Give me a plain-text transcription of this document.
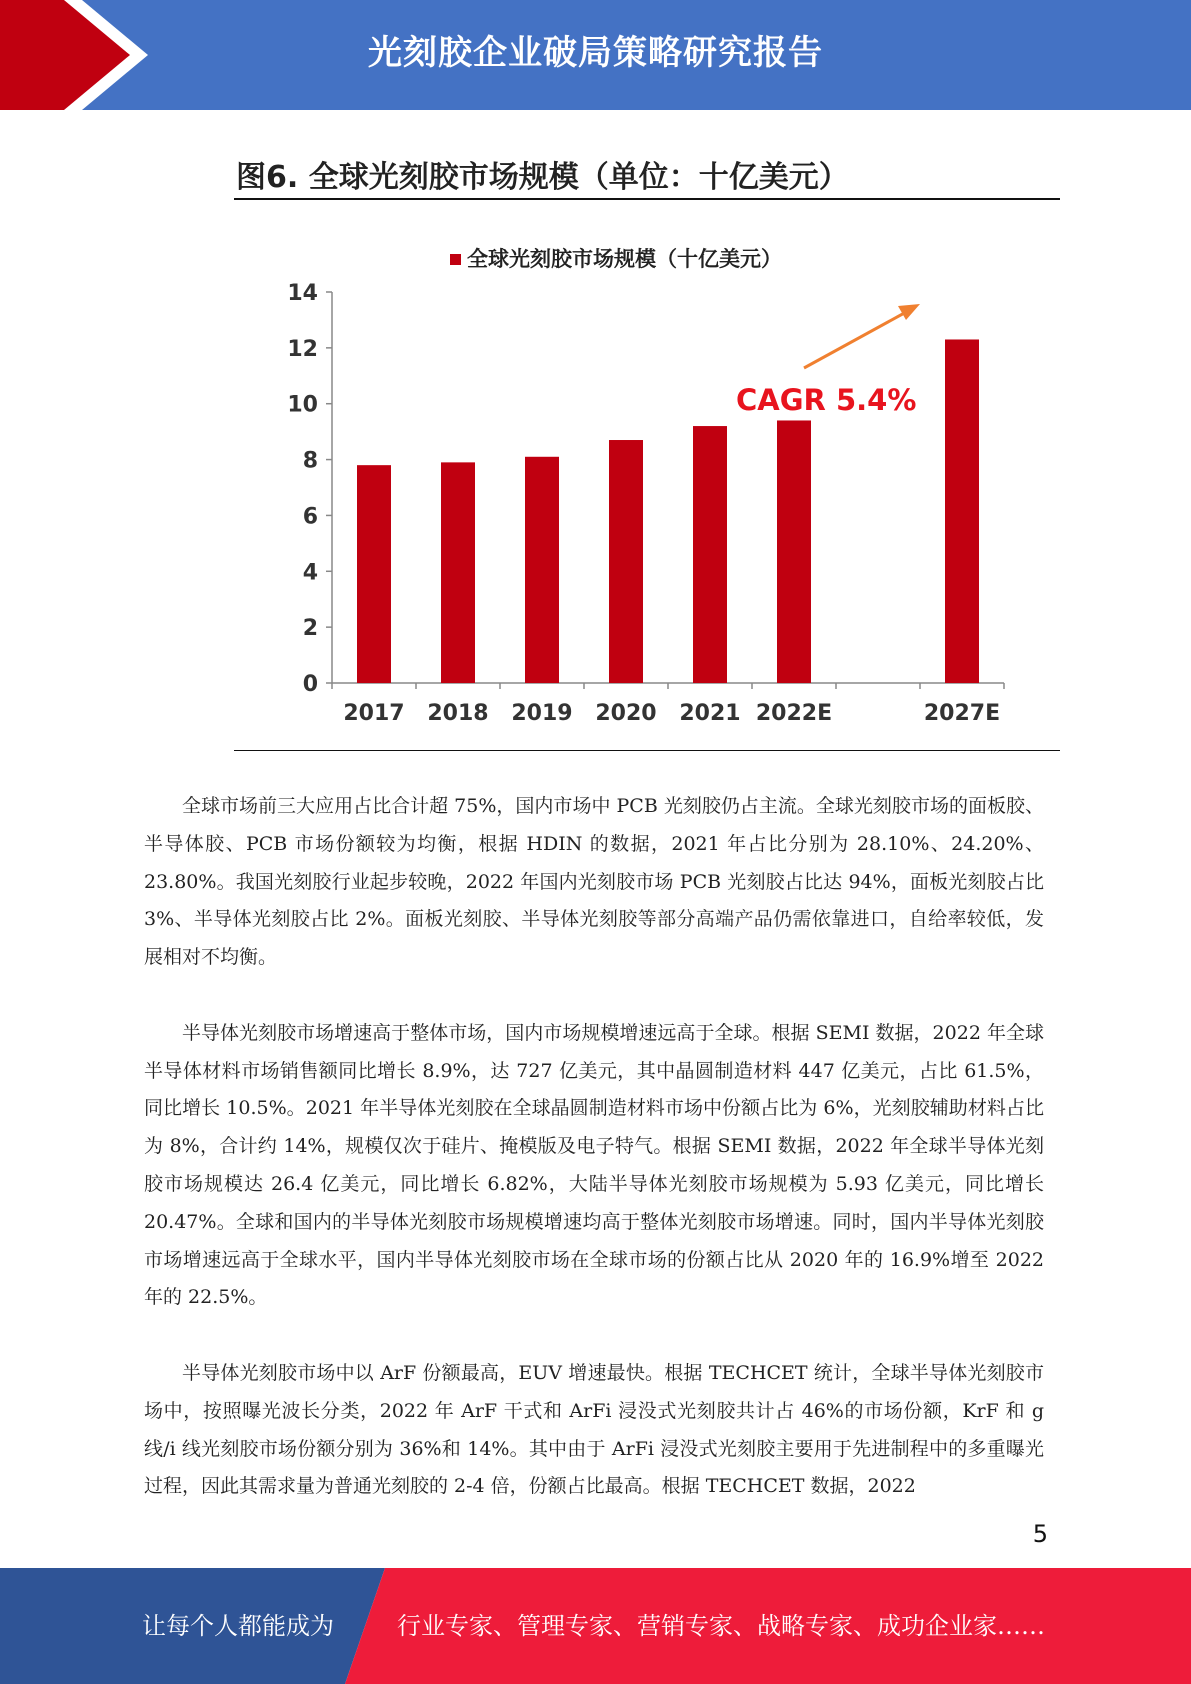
光刻胶企业破局策略研究报告
图6. 全球光刻胶市场规模（单位：十亿美元）
全球光刻胶市场规模（十亿美元）
0
2
4
6
8
10
12
14
2017 2018 2019 2020 2021 2022E	2027E
CAGR 5.4%

全球市场前三大应用占比合计超 75%，国内市场中 PCB 光刻胶仍占主流。全球光刻胶市场的面板胶、半导体胶、PCB 市场份额较为均衡，根据 HDIN 的数据，2021 年占比分别为 28.10%、24.20%、23.80%。我国光刻胶行业起步较晚，2022 年国内光刻胶市场 PCB 光刻胶占比达 94%，面板光刻胶占比 3%、半导体光刻胶占比 2%。面板光刻胶、半导体光刻胶等部分高端产品仍需依靠进口，自给率较低，发展相对不均衡。

半导体光刻胶市场增速高于整体市场，国内市场规模增速远高于全球。根据 SEMI 数据，2022 年全球半导体材料市场销售额同比增长 8.9%，达 727 亿美元，其中晶圆制造材料 447 亿美元，占比 61.5%，同比增长 10.5%。2021 年半导体光刻胶在全球晶圆制造材料市场中份额占比为 6%，光刻胶辅助材料占比为 8%，合计约 14%，规模仅次于硅片、掩模版及电子特气。根据 SEMI 数据，2022 年全球半导体光刻胶市场规模达 26.4 亿美元，同比增长 6.82%，大陆半导体光刻胶市场规模为 5.93 亿美元，同比增长 20.47%。全球和国内的半导体光刻胶市场规模增速均高于整体光刻胶市场增速。同时，国内半导体光刻胶市场增速远高于全球水平，国内半导体光刻胶市场在全球市场的份额占比从 2020 年的 16.9%增至 2022 年的 22.5%。

半导体光刻胶市场中以 ArF 份额最高，EUV 增速最快。根据 TECHCET 统计，全球半导体光刻胶市场中，按照曝光波长分类，2022 年 ArF 干式和 ArFi 浸没式光刻胶共计占 46%的市场份额，KrF 和 g 线/i 线光刻胶市场份额分别为 36%和 14%。其中由于 ArFi 浸没式光刻胶主要用于先进制程中的多重曝光过程，因此其需求量为普通光刻胶的 2-4 倍，份额占比最高。根据 TECHCET 数据，2022

5
让每个人都能成为	行业专家、管理专家、营销专家、战略专家、成功企业家……
